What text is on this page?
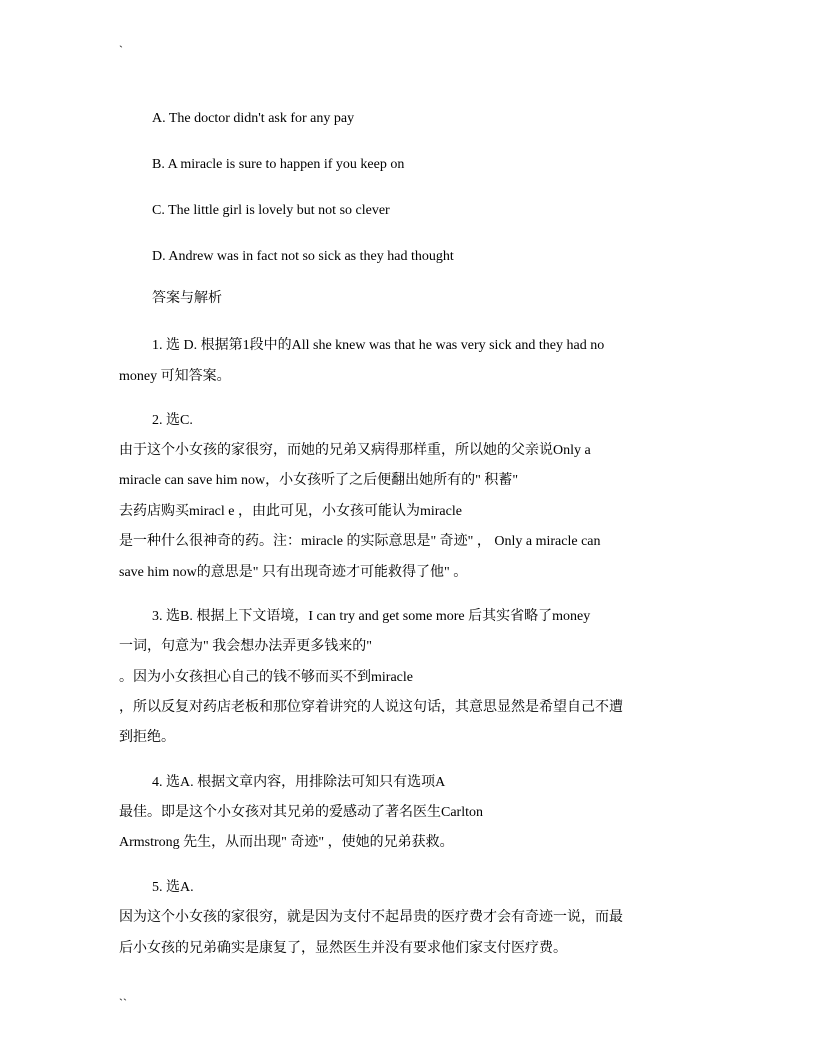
`
A. The doctor didn't ask for any pay
B. A miracle is sure to happen if you keep on
C. The little girl is lovely but not so clever
D. Andrew was in fact not so sick as they had thought
答案与解析
1. 选 D. 根据第1段中的All she knew was that he was very sick and they had no
money 可知答案。
2. 选C.
由于这个小女孩的家很穷，而她的兄弟又病得那样重，所以她的父亲说Only a
miracle can save him now，小女孩听了之后便翻出她所有的" 积蓄"
去药店购买miracl e ，由此可见，小女孩可能认为miracle
是一种什么很神奇的药。注：miracle 的实际意思是" 奇迹" ， Only a miracle can
save him now的意思是" 只有出现奇迹才可能救得了他" 。
3. 选B. 根据上下文语境，I can try and get some more 后其实省略了money
一词，句意为" 我会想办法弄更多钱来的"
。因为小女孩担心自己的钱不够而买不到miracle
，所以反复对药店老板和那位穿着讲究的人说这句话，其意思显然是希望自己不遭
到拒绝。
4. 选A. 根据文章内容，用排除法可知只有选项A
最佳。即是这个小女孩对其兄弟的爱感动了著名医生Carlton
Armstrong 先生，从而出现" 奇迹" ，使她的兄弟获救。
5. 选A.
因为这个小女孩的家很穷，就是因为支付不起昂贵的医疗费才会有奇迹一说，而最
后小女孩的兄弟确实是康复了，显然医生并没有要求他们家支付医疗费。
``
